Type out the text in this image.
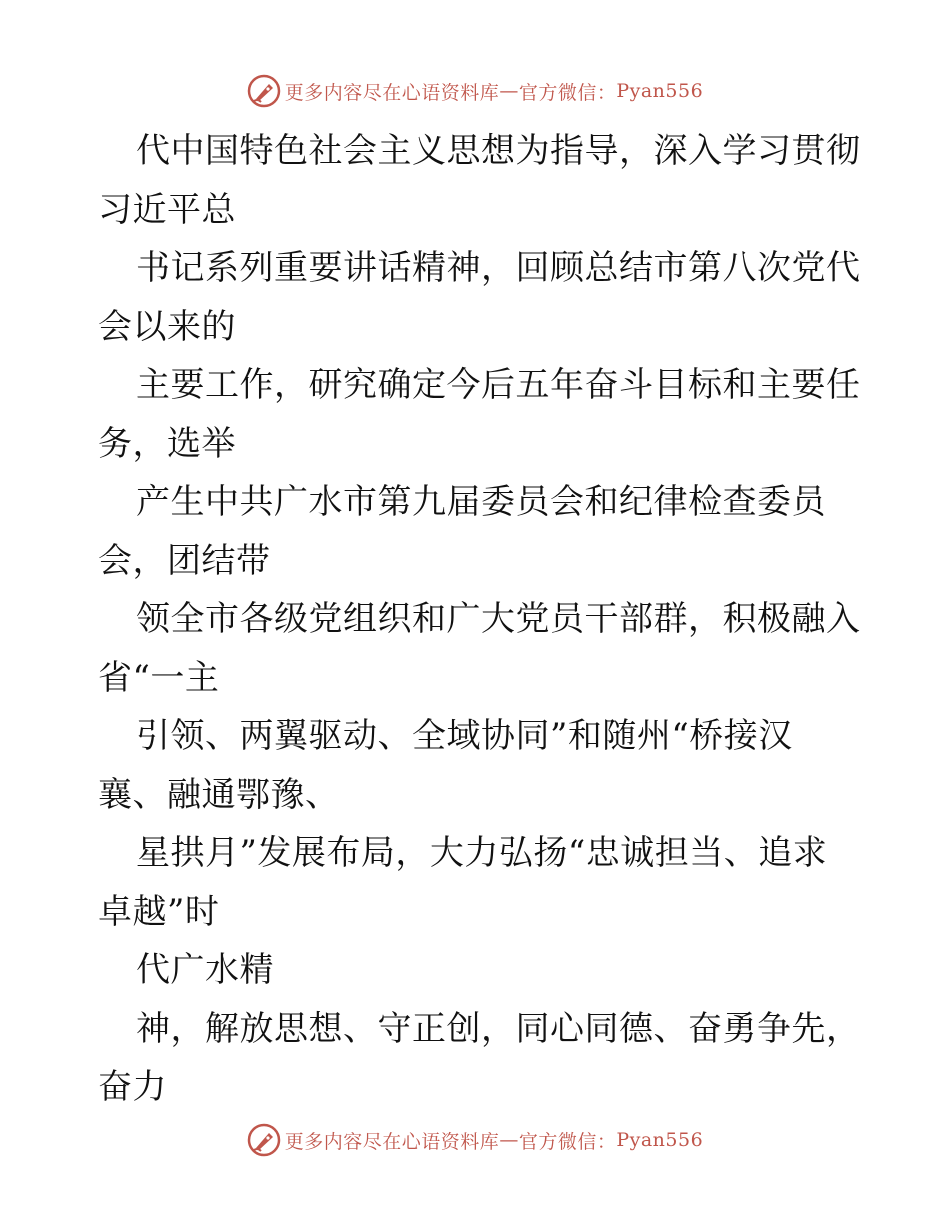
更多内容尽在心语资料库 — 官方微信： Pyan556
代中国特色社会主义思想为指导，深入学习贯彻
习近平总
书记系列重要讲话精神，回顾总结市第八次党代
会以来的
主要工作，研究确定今后五年奋斗目标和主要任
务，选举
产生中共广水市第九届委员会和纪律检查委员
会，团结带
领全市各级党组织和广大党员干部群，积极融入
省“一主
引领、两翼驱动、全域协同”和随州“桥接汉
襄、融通鄂豫、
星拱月”发展布局，大力弘扬“忠诚担当、追求
卓越”时
代广水精
神，解放思想、守正创，同心同德、奋勇争先，
奋力
更多内容尽在心语资料库 — 官方微信： Pyan556
